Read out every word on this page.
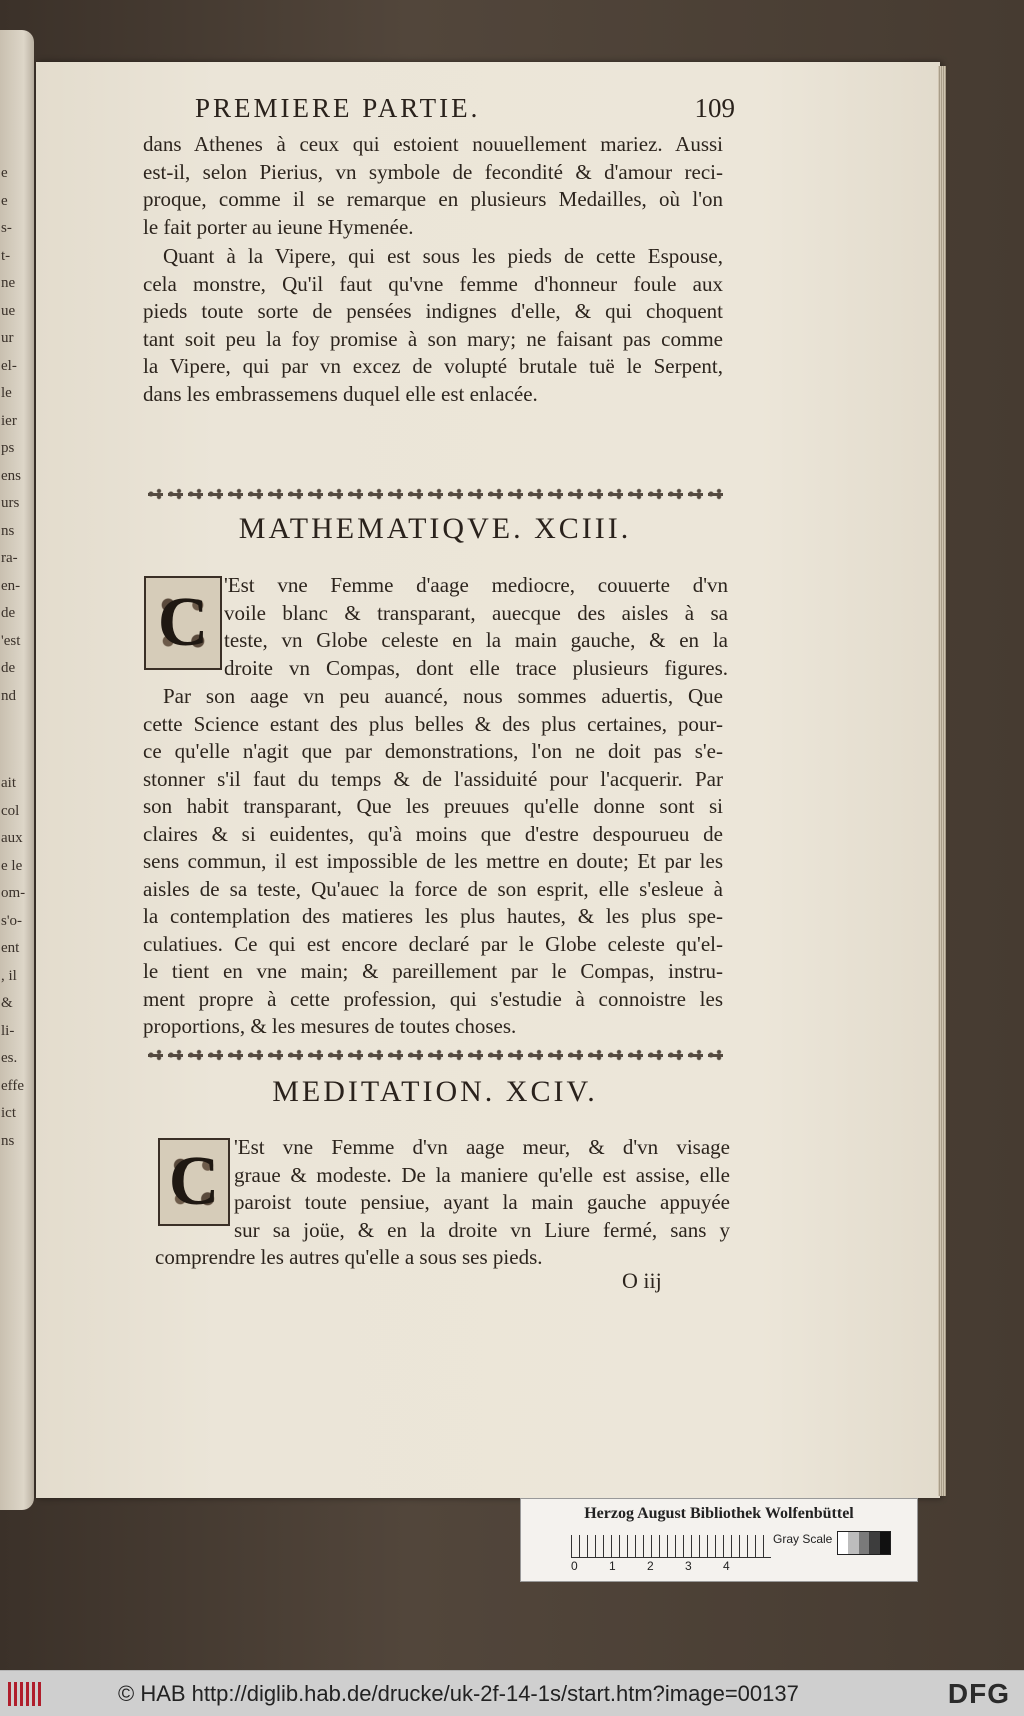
e
e
s-
t-
ne
ue
ur
el-
le
ier
ps
ens
urs
ns
ra-
en-
de
'est
de
nd
ait
col
aux
e le
om-
s'o-
ent
, il
&
li-
es.
effe
ict
ns
PREMIERE PARTIE.	109
dans Athenes à ceux qui estoient nouuellement mariez. Aussi
est-il, selon Pierius, vn symbole de fecondité & d'amour reci-
proque, comme il se remarque en plusieurs Medailles, où l'on
le fait porter au ieune Hymenée.
Quant à la Vipere, qui est sous les pieds de cette Espouse,
cela monstre, Qu'il faut qu'vne femme d'honneur foule aux
pieds toute sorte de pensées indignes d'elle, & qui choquent
tant soit peu la foy promise à son mary; ne faisant pas comme
la Vipere, qui par vn excez de volupté brutale tuë le Serpent,
dans les embrassemens duquel elle est enlacée.
MATHEMATIQVE. XCIII.
C 'Est vne Femme d'aage mediocre, couuerte d'vn
voile blanc & transparant, auecque des aisles à sa
teste, vn Globe celeste en la main gauche, & en la
droite vn Compas, dont elle trace plusieurs figures.
Par son aage vn peu auancé, nous sommes aduertis, Que
cette Science estant des plus belles & des plus certaines, pour-
ce qu'elle n'agit que par demonstrations, l'on ne doit pas s'e-
stonner s'il faut du temps & de l'assiduité pour l'acquerir. Par
son habit transparant, Que les preuues qu'elle donne sont si
claires & si euidentes, qu'à moins que d'estre despourueu de
sens commun, il est impossible de les mettre en doute; Et par les
aisles de sa teste, Qu'auec la force de son esprit, elle s'esleue à
la contemplation des matieres les plus hautes, & les plus spe-
culatiues. Ce qui est encore declaré par le Globe celeste qu'el-
le tient en vne main; & pareillement par le Compas, instru-
ment propre à cette profession, qui s'estudie à connoistre les
proportions, & les mesures de toutes choses.
MEDITATION. XCIV.
C 'Est vne Femme d'vn aage meur, & d'vn visage
graue & modeste. De la maniere qu'elle est assise, elle
paroist toute pensiue, ayant la main gauche appuyée
sur sa joüe, & en la droite vn Liure fermé, sans y
comprendre les autres qu'elle a sous ses pieds.
O iij
Herzog August Bibliothek Wolfenbüttel
Gray Scale
0	1	2	3	4
© HAB http://diglib.hab.de/drucke/uk-2f-14-1s/start.htm?image=00137	DFG
